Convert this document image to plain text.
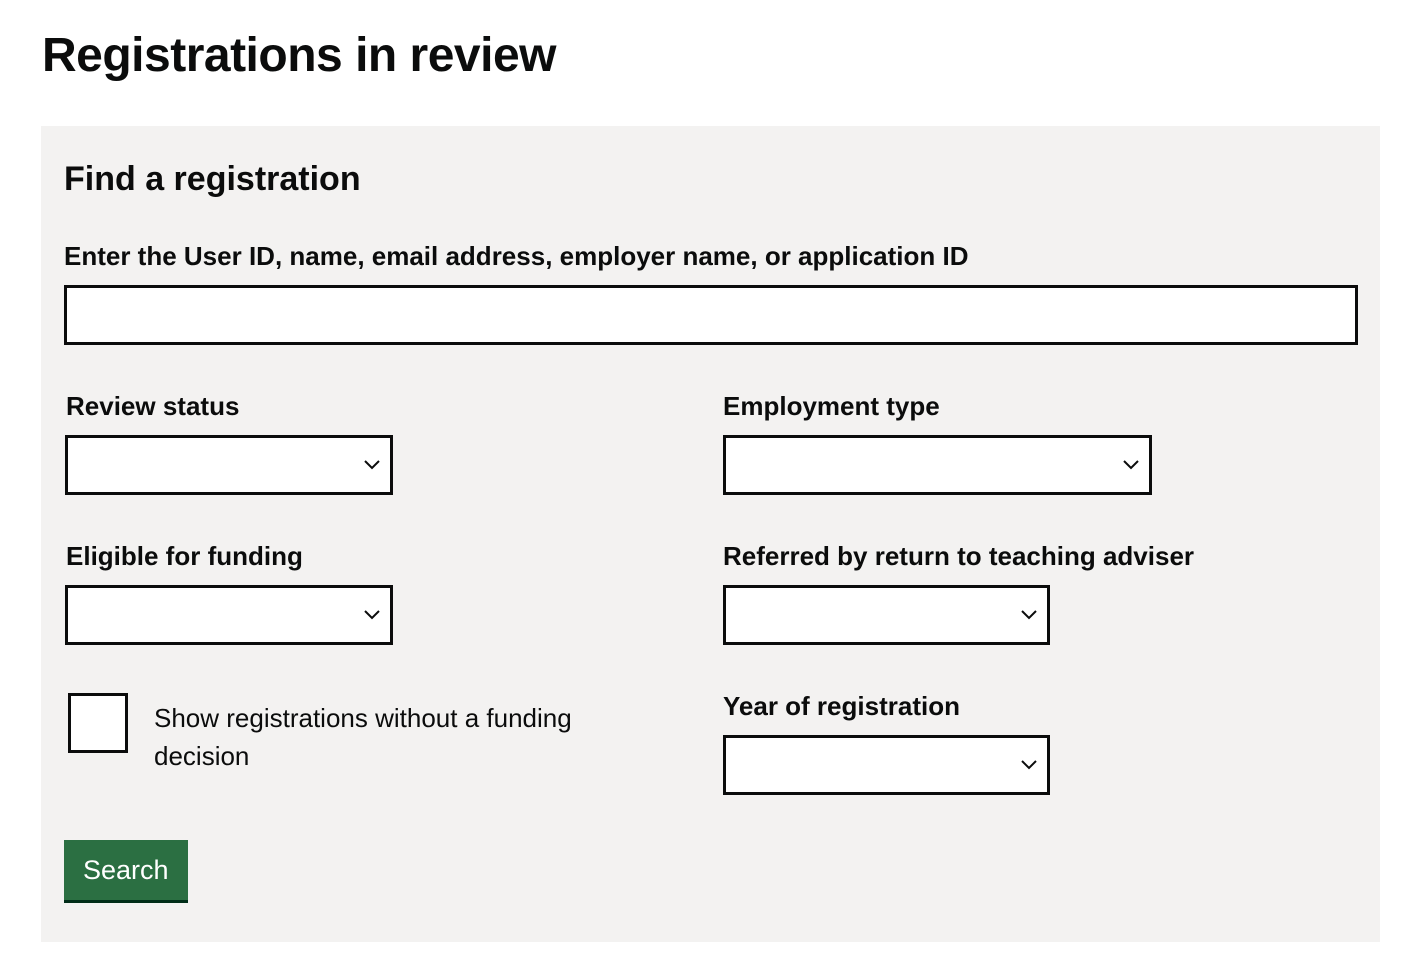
Registrations in review
Find a registration
Enter the User ID, name, email address, employer name, or application ID
Review status	Employment type
Eligible for funding	Referred by return to teaching adviser
Show registrations without a funding decision
Year of registration
Search
